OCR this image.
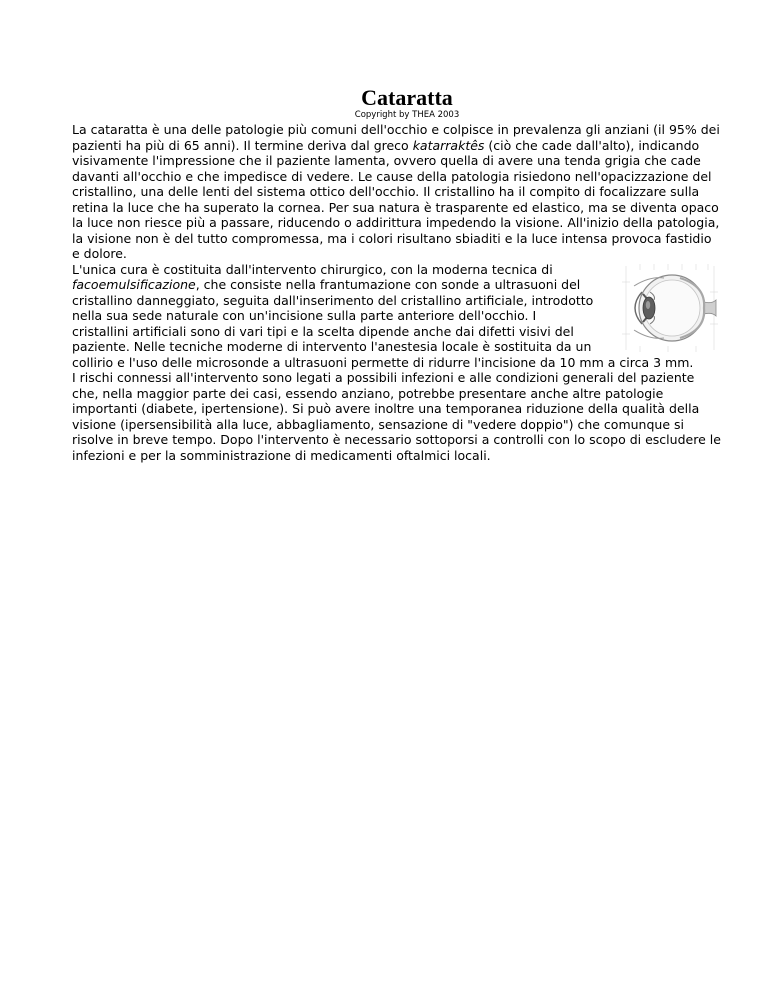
Cataratta
Copyright by THEA 2003

La cataratta è una delle patologie più comuni dell'occhio e colpisce in prevalenza gli anziani (il 95% dei pazienti ha più di 65 anni). Il termine deriva dal greco katarraktês (ciò che cade dall'alto), indicando visivamente l'impressione che il paziente lamenta, ovvero quella di avere una tenda grigia che cade davanti all'occhio e che impedisce di vedere. Le cause della patologia risiedono nell'opacizzazione del cristallino, una delle lenti del sistema ottico dell'occhio. Il cristallino ha il compito di focalizzare sulla retina la luce che ha superato la cornea. Per sua natura è trasparente ed elastico, ma se diventa opaco la luce non riesce più a passare, riducendo o addirittura impedendo la visione. All'inizio della patologia, la visione non è del tutto compromessa, ma i colori risultano sbiaditi e la luce intensa provoca fastidio e dolore.

L'unica cura è costituita dall'intervento chirurgico, con la moderna tecnica di facoemulsificazione, che consiste nella frantumazione con sonde a ultrasuoni del cristallino danneggiato, seguita dall'inserimento del cristallino artificiale, introdotto nella sua sede naturale con un'incisione sulla parte anteriore dell'occhio. I cristallini artificiali sono di vari tipi e la scelta dipende anche dai difetti visivi del paziente. Nelle tecniche moderne di intervento l'anestesia locale è sostituita da un collirio e l'uso delle microsonde a ultrasuoni permette di ridurre l'incisione da 10 mm a circa 3 mm.

I rischi connessi all'intervento sono legati a possibili infezioni e alle condizioni generali del paziente che, nella maggior parte dei casi, essendo anziano, potrebbe presentare anche altre patologie importanti (diabete, ipertensione). Si può avere inoltre una temporanea riduzione della qualità della visione (ipersensibilità alla luce, abbagliamento, sensazione di "vedere doppio") che comunque si risolve in breve tempo. Dopo l'intervento è necessario sottoporsi a controlli con lo scopo di escludere le infezioni e per la somministrazione di medicamenti oftalmici locali.
